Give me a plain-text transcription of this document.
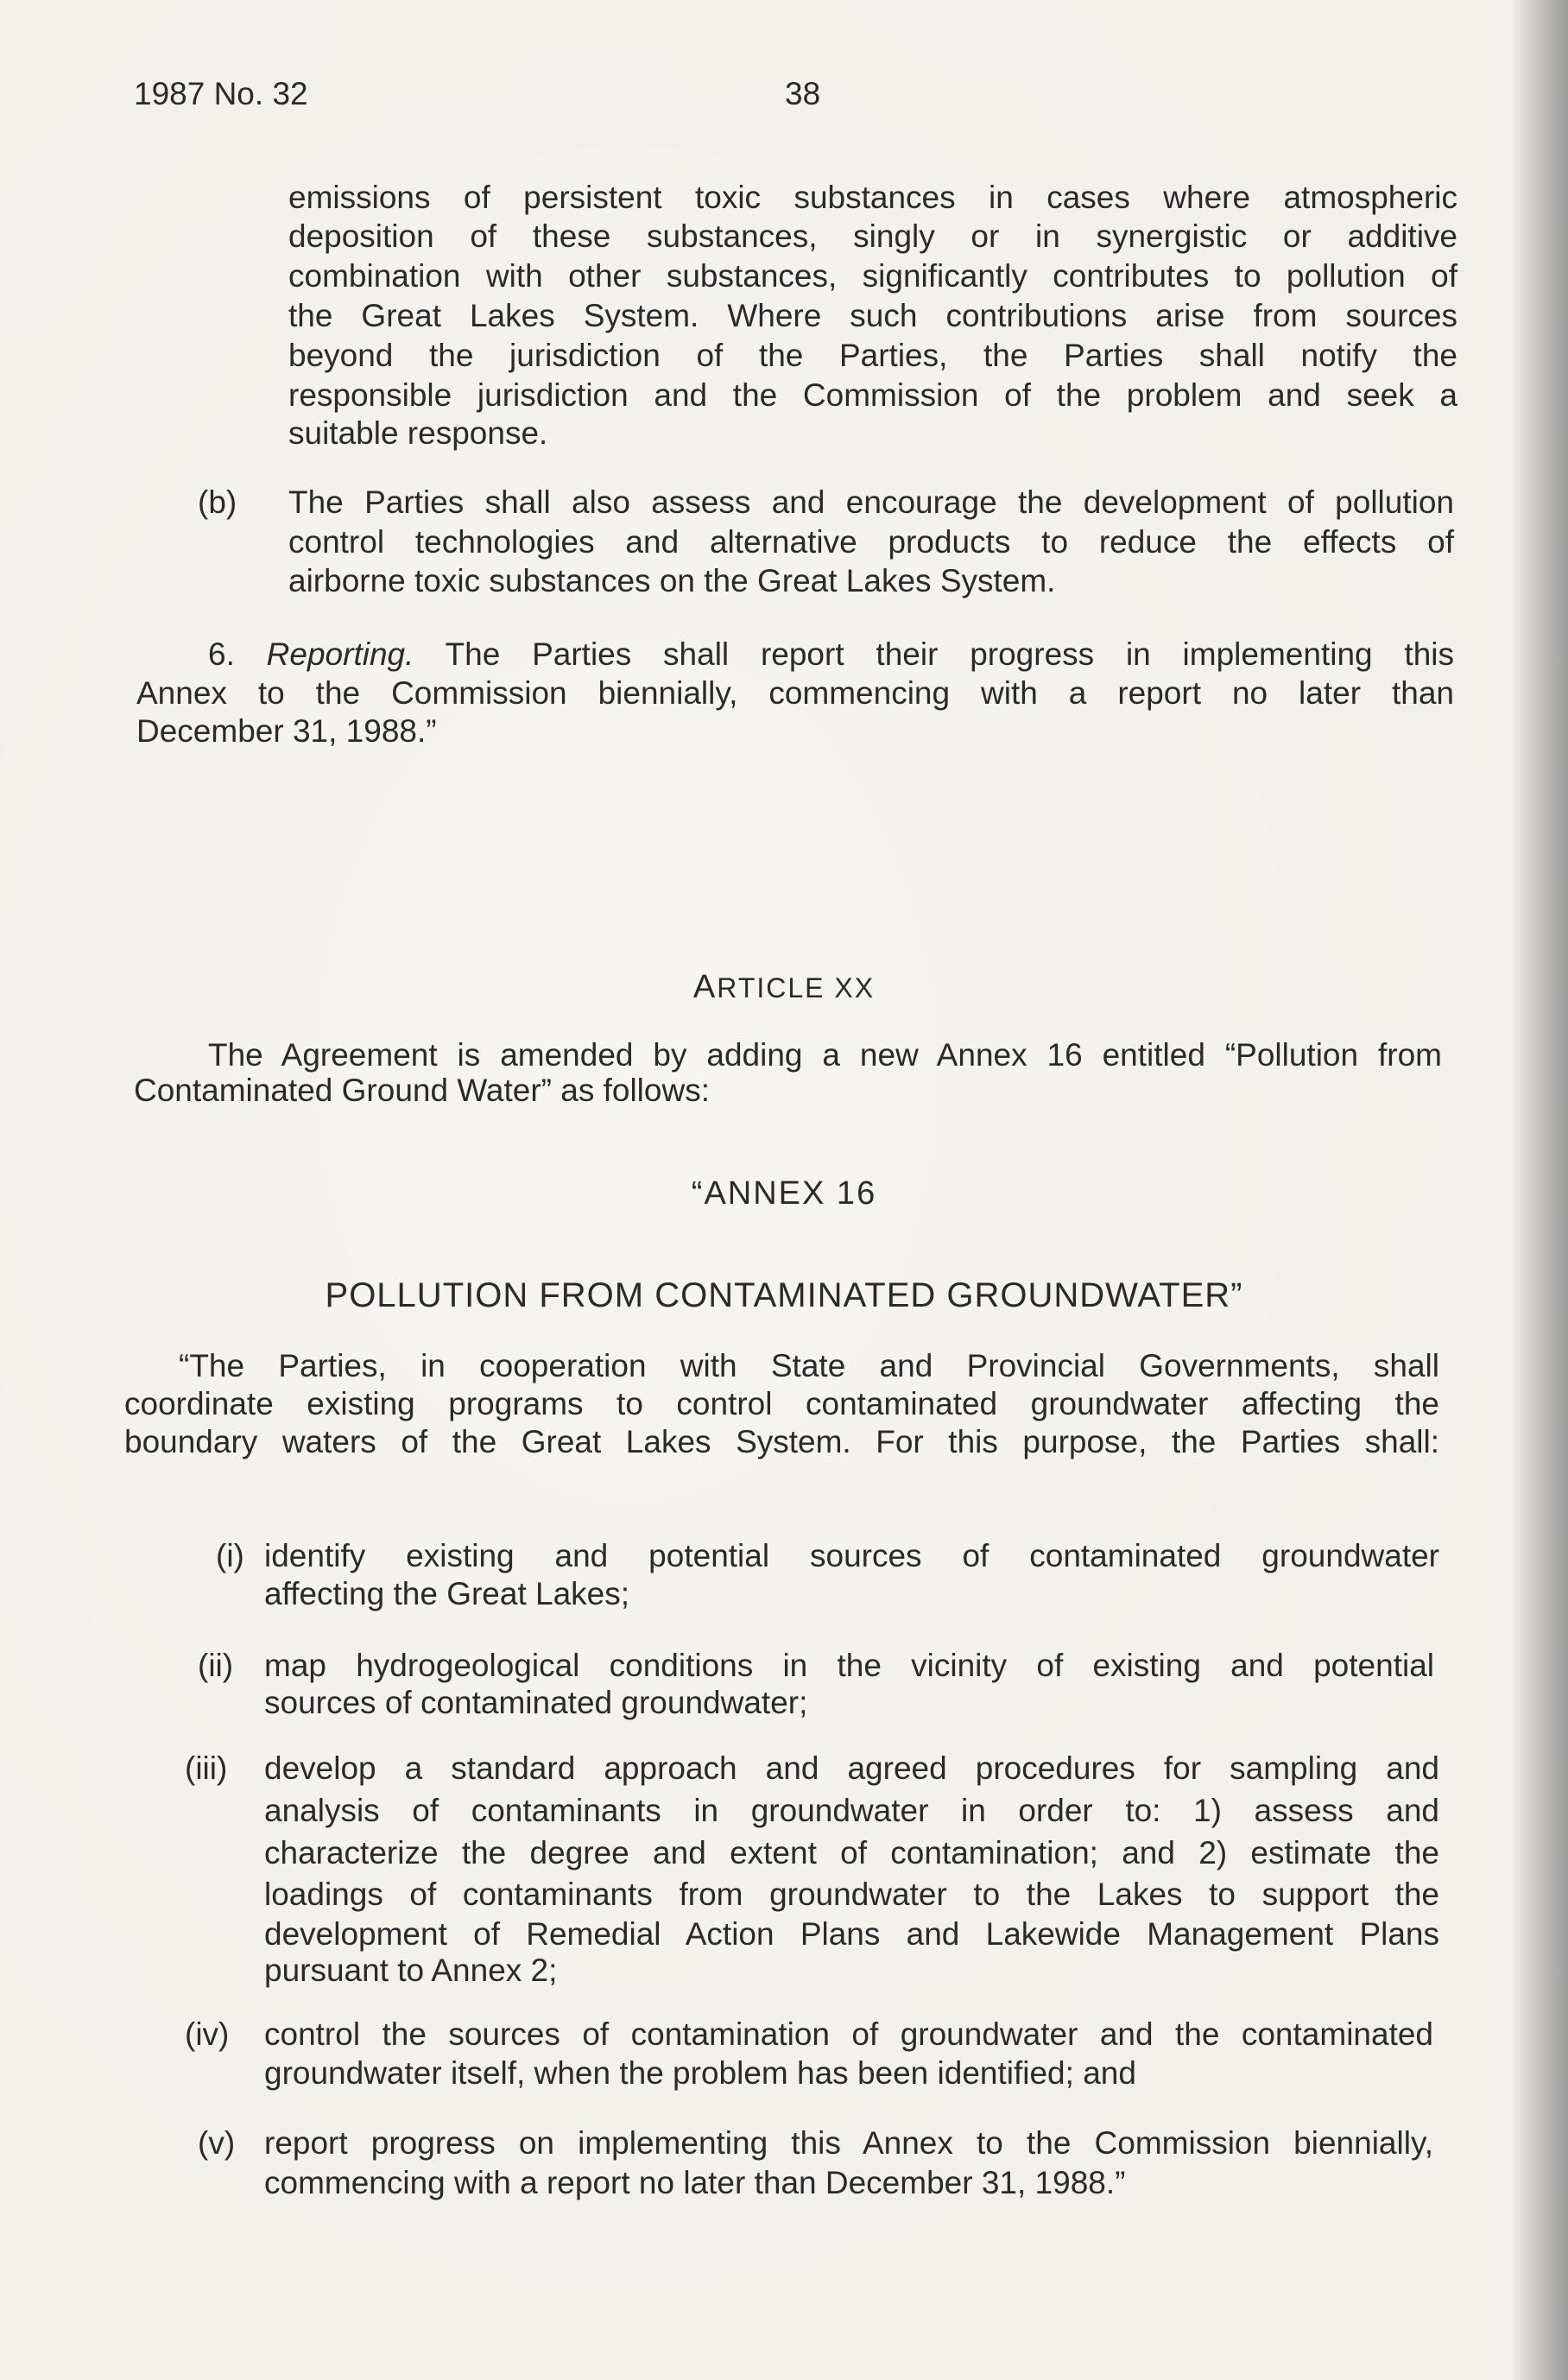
1987 No. 32	38
emissions of persistent toxic substances in cases where atmospheric
deposition of these substances, singly or in synergistic or additive
combination with other substances, significantly contributes to pollution of
the Great Lakes System. Where such contributions arise from sources
beyond the jurisdiction of the Parties, the Parties shall notify the
responsible jurisdiction and the Commission of the problem and seek a
suitable response.
(b) The Parties shall also assess and encourage the development of pollution
control technologies and alternative products to reduce the effects of
airborne toxic substances on the Great Lakes System.
6. Reporting. The Parties shall report their progress in implementing this
Annex to the Commission biennially, commencing with a report no later than
December 31, 1988.”
ARTICLE XX
The Agreement is amended by adding a new Annex 16 entitled “Pollution from
Contaminated Ground Water” as follows:
“ANNEX 16
POLLUTION FROM CONTAMINATED GROUNDWATER”
“The Parties, in cooperation with State and Provincial Governments, shall
coordinate existing programs to control contaminated groundwater affecting the
boundary waters of the Great Lakes System. For this purpose, the Parties shall:
(i) identify existing and potential sources of contaminated groundwater
affecting the Great Lakes;
(ii) map hydrogeological conditions in the vicinity of existing and potential
sources of contaminated groundwater;
(iii) develop a standard approach and agreed procedures for sampling and
analysis of contaminants in groundwater in order to: 1) assess and
characterize the degree and extent of contamination; and 2) estimate the
loadings of contaminants from groundwater to the Lakes to support the
development of Remedial Action Plans and Lakewide Management Plans
pursuant to Annex 2;
(iv) control the sources of contamination of groundwater and the contaminated
groundwater itself, when the problem has been identified; and
(v) report progress on implementing this Annex to the Commission biennially,
commencing with a report no later than December 31, 1988.”
